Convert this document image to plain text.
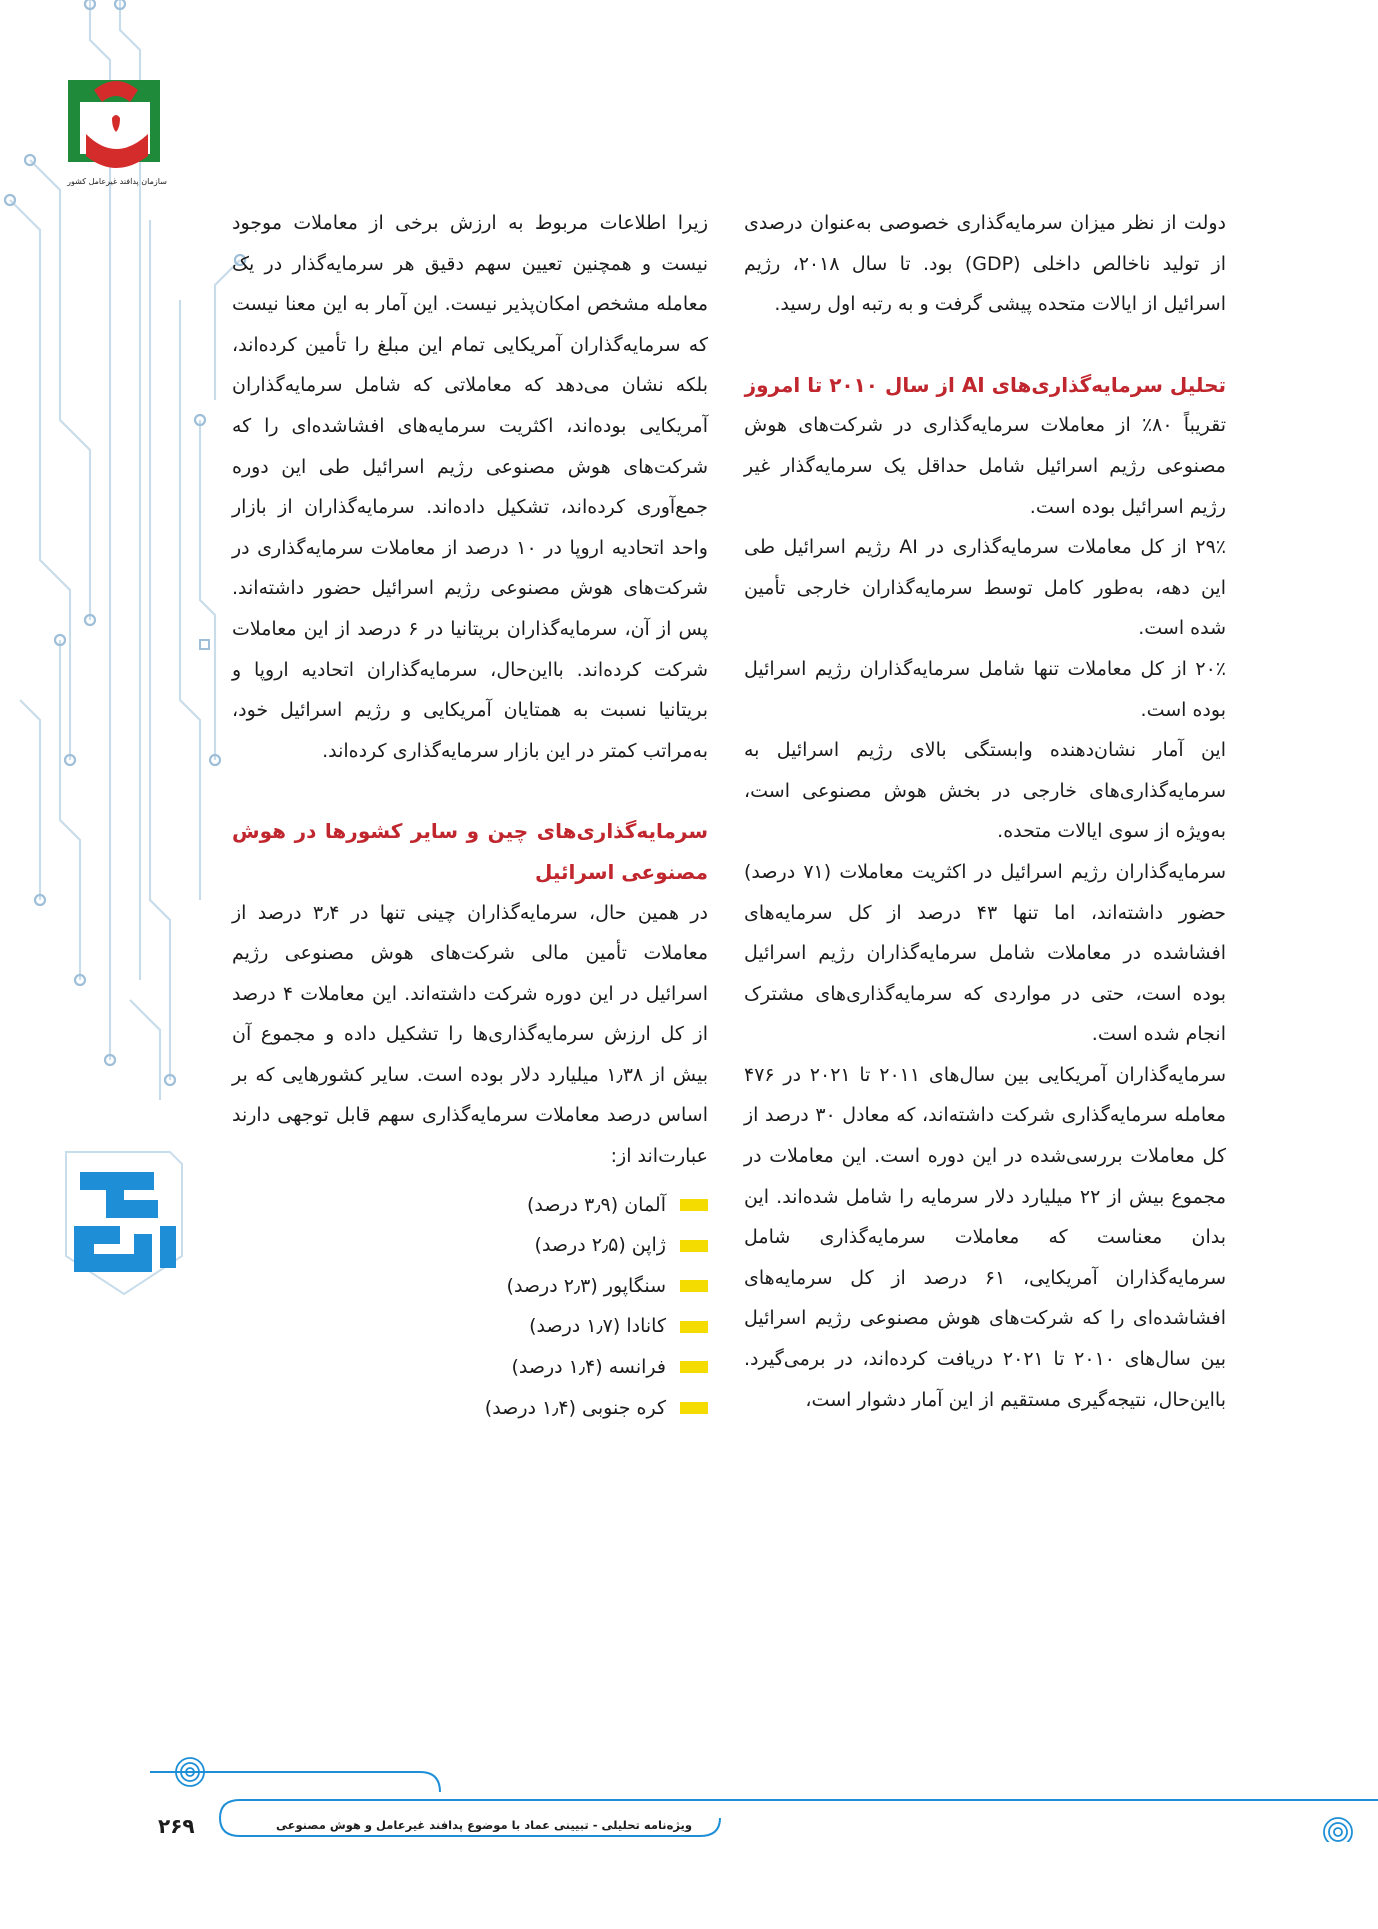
سازمان پدافند غیرعامل کشور

دولت از نظر میزان سرمایه‌گذاری خصوصی به‌عنوان درصدی از تولید ناخالص داخلی (GDP) بود. تا سال ۲۰۱۸، رژیم اسرائیل از ایالات متحده پیشی گرفت و به رتبه اول رسید.

تحلیل سرمایه‌گذاری‌های AI از سال ۲۰۱۰ تا امروز

تقریباً ۸۰٪ از معاملات سرمایه‌گذاری در شرکت‌های هوش مصنوعی رژیم اسرائیل شامل حداقل یک سرمایه‌گذار غیر رژیم اسرائیل بوده است.

۲۹٪ از کل معاملات سرمایه‌گذاری در AI رژیم اسرائیل طی این دهه، به‌طور کامل توسط سرمایه‌گذاران خارجی تأمین شده است.

۲۰٪ از کل معاملات تنها شامل سرمایه‌گذاران رژیم اسرائیل بوده است.

این آمار نشان‌دهنده وابستگی بالای رژیم اسرائیل به سرمایه‌گذاری‌های خارجی در بخش هوش مصنوعی است، به‌ویژه از سوی ایالات متحده.

سرمایه‌گذاران رژیم اسرائیل در اکثریت معاملات (۷۱ درصد) حضور داشته‌اند، اما تنها ۴۳ درصد از کل سرمایه‌های افشاشده در معاملات شامل سرمایه‌گذاران رژیم اسرائیل بوده است، حتی در مواردی که سرمایه‌گذاری‌های مشترک انجام شده است.

سرمایه‌گذاران آمریکایی بین سال‌های ۲۰۱۱ تا ۲۰۲۱ در ۴۷۶ معامله سرمایه‌گذاری شرکت داشته‌اند، که معادل ۳۰ درصد از کل معاملات بررسی‌شده در این دوره است. این معاملات در مجموع بیش از ۲۲ میلیارد دلار سرمایه را شامل شده‌اند. این بدان معناست که معاملات سرمایه‌گذاری شامل سرمایه‌گذاران آمریکایی، ۶۱ درصد از کل سرمایه‌های افشاشده‌ای را که شرکت‌های هوش مصنوعی رژیم اسرائیل بین سال‌های ۲۰۱۰ تا ۲۰۲۱ دریافت کرده‌اند، در برمی‌گیرد. بااین‌حال، نتیجه‌گیری مستقیم از این آمار دشوار است،

زیرا اطلاعات مربوط به ارزش برخی از معاملات موجود نیست و همچنین تعیین سهم دقیق هر سرمایه‌گذار در یک معامله مشخص امکان‌پذیر نیست. این آمار به این معنا نیست که سرمایه‌گذاران آمریکایی تمام این مبلغ را تأمین کرده‌اند، بلکه نشان می‌دهد که معاملاتی که شامل سرمایه‌گذاران آمریکایی بوده‌اند، اکثریت سرمایه‌های افشاشده‌ای را که شرکت‌های هوش مصنوعی رژیم اسرائیل طی این دوره جمع‌آوری کرده‌اند، تشکیل داده‌اند. سرمایه‌گذاران از بازار واحد اتحادیه اروپا در ۱۰ درصد از معاملات سرمایه‌گذاری در شرکت‌های هوش مصنوعی رژیم اسرائیل حضور داشته‌اند. پس از آن، سرمایه‌گذاران بریتانیا در ۶ درصد از این معاملات شرکت کرده‌اند. بااین‌حال، سرمایه‌گذاران اتحادیه اروپا و بریتانیا نسبت به همتایان آمریکایی و رژیم اسرائیل خود، به‌مراتب کمتر در این بازار سرمایه‌گذاری کرده‌اند.

سرمایه‌گذاری‌های چین و سایر کشورها در هوش مصنوعی اسرائیل

در همین حال، سرمایه‌گذاران چینی تنها در ۳٫۴ درصد از معاملات تأمین مالی شرکت‌های هوش مصنوعی رژیم اسرائیل در این دوره شرکت داشته‌اند. این معاملات ۴ درصد از کل ارزش سرمایه‌گذاری‌ها را تشکیل داده و مجموع آن بیش از ۱٫۳۸ میلیارد دلار بوده است. سایر کشورهایی که بر اساس درصد معاملات سرمایه‌گذاری سهم قابل توجهی دارند عبارت‌اند از:

آلمان (۳٫۹ درصد)
ژاپن (۲٫۵ درصد)
سنگاپور (۲٫۳ درصد)
کانادا (۱٫۷ درصد)
فرانسه (۱٫۴ درصد)
کره جنوبی (۱٫۴ درصد)
۲۶۹	ویژه‌نامه تحلیلی - تبیینی عماد با موضوع پدافند غیرعامل و هوش مصنوعی
